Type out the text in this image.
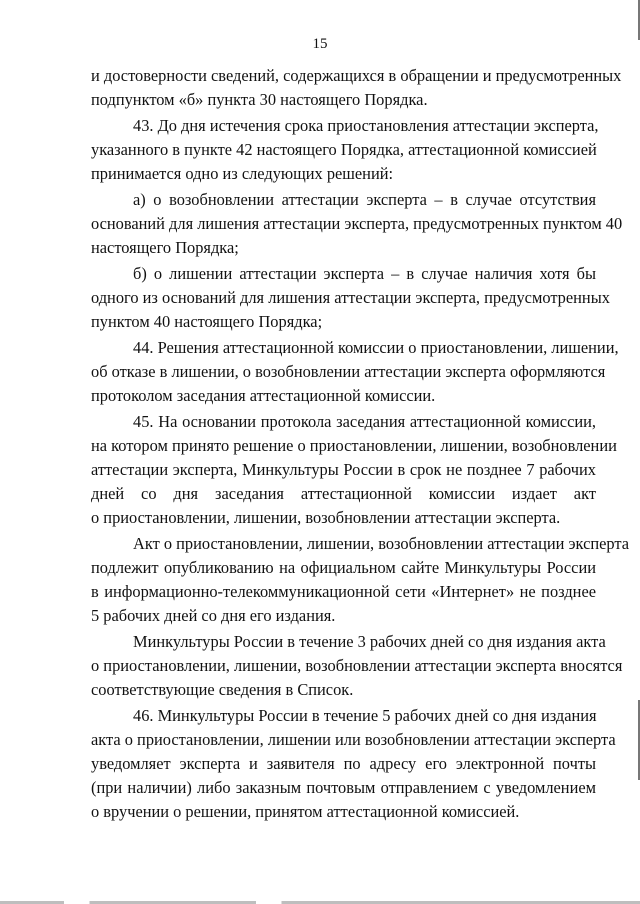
15
и достоверности сведений, содержащихся в обращении и предусмотренных
подпунктом «б» пункта 30 настоящего Порядка.
43. До дня истечения срока приостановления аттестации эксперта,
указанного в пункте 42 настоящего Порядка, аттестационной комиссией
принимается одно из следующих решений:
а) о возобновлении аттестации эксперта – в случае отсутствия
оснований для лишения аттестации эксперта, предусмотренных пунктом 40
настоящего Порядка;
б) о лишении аттестации эксперта – в случае наличия хотя бы
одного из оснований для лишения аттестации эксперта, предусмотренных
пунктом 40 настоящего Порядка;
44. Решения аттестационной комиссии о приостановлении, лишении,
об отказе в лишении, о возобновлении аттестации эксперта оформляются
протоколом заседания аттестационной комиссии.
45. На основании протокола заседания аттестационной комиссии,
на котором принято решение о приостановлении, лишении, возобновлении
аттестации эксперта, Минкультуры России в срок не позднее 7 рабочих
дней со дня заседания аттестационной комиссии издает акт
о приостановлении, лишении, возобновлении аттестации эксперта.
Акт о приостановлении, лишении, возобновлении аттестации эксперта
подлежит опубликованию на официальном сайте Минкультуры России
в информационно-телекоммуникационной сети «Интернет» не позднее
5 рабочих дней со дня его издания.
Минкультуры России в течение 3 рабочих дней со дня издания акта
о приостановлении, лишении, возобновлении аттестации эксперта вносятся
соответствующие сведения в Список.
46. Минкультуры России в течение 5 рабочих дней со дня издания
акта о приостановлении, лишении или возобновлении аттестации эксперта
уведомляет эксперта и заявителя по адресу его электронной почты
(при наличии) либо заказным почтовым отправлением с уведомлением
о вручении о решении, принятом аттестационной комиссией.
